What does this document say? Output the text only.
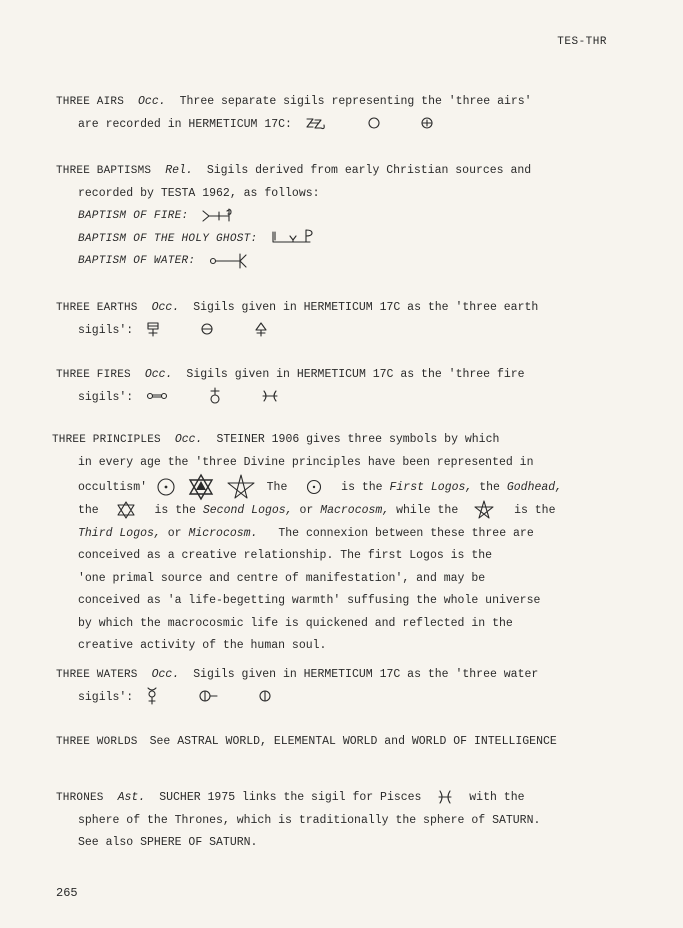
TES-THR
THREE AIRS Occ. Three separate sigils representing the 'three airs'
are recorded in HERMETICUM 17C:
THREE BAPTISMS Rel. Sigils derived from early Christian sources and
recorded by TESTA 1962, as follows:
BAPTISM OF FIRE:
BAPTISM OF THE HOLY GHOST:
BAPTISM OF WATER:
THREE EARTHS Occ. Sigils given in HERMETICUM 17C as the 'three earth
sigils':
THREE FIRES Occ. Sigils given in HERMETICUM 17C as the 'three fire
sigils':
THREE PRINCIPLES Occ. STEINER 1906 gives three symbols by which
in every age the 'three Divine principles have been represented in
occultism'	The	is the First Logos, the Godhead,
the	is the Second Logos, or Macrocosm, while the	is the
Third Logos, or Microcosm. The connexion between these three are
conceived as a creative relationship. The first Logos is the
'one primal source and centre of manifestation', and may be
conceived as 'a life-begetting warmth' suffusing the whole universe
by which the macrocosmic life is quickened and reflected in the
creative activity of the human soul.
THREE WATERS Occ. Sigils given in HERMETICUM 17C as the 'three water
sigils':
THREE WORLDS See ASTRAL WORLD, ELEMENTAL WORLD and WORLD OF INTELLIGENCE
THRONES Ast. SUCHER 1975 links the sigil for Pisces	with the
sphere of the Thrones, which is traditionally the sphere of SATURN.
See also SPHERE OF SATURN.
265
